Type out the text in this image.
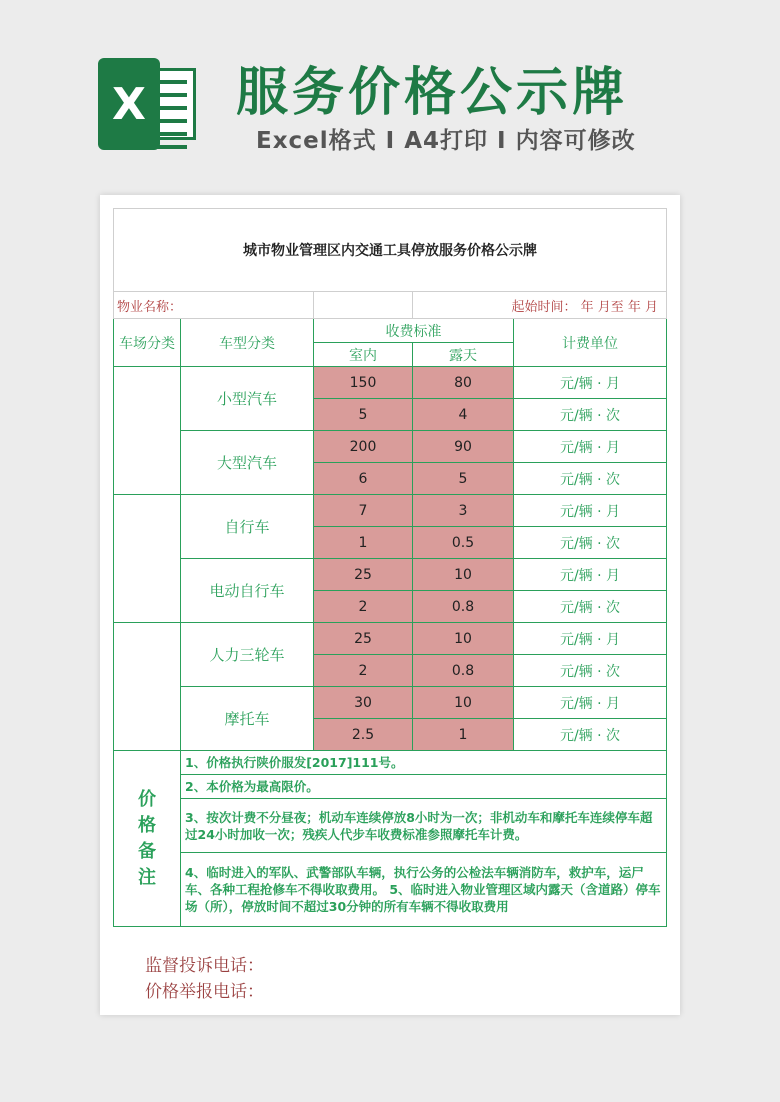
X 服务价格公示牌
Excel格式 I A4打印 I 内容可修改
城市物业管理区内交通工具停放服务价格公示牌				
物业名称：			起始时间： 年 月至 年 月	
车场分类	车型分类	收费标准		计费单位
		室内	露天	
	小型汽车	150	80	元/辆 · 月
		5	4	元/辆 · 次
	大型汽车	200	90	元/辆 · 月
		6	5	元/辆 · 次
	自行车	7	3	元/辆 · 月
		1	0.5	元/辆 · 次
	电动自行车	25	10	元/辆 · 月
		2	0.8	元/辆 · 次
	人力三轮车	25	10	元/辆 · 月
		2	0.8	元/辆 · 次
	摩托车	30	10	元/辆 · 月
		2.5	1	元/辆 · 次

价格备注	1、价格执行陕价服发[2017]111号。			
	2、本价格为最高限价。			
	3、按次计费不分昼夜；机动车连续停放8小时为一次；非机动车和摩托车连续停车超过24小时加收一次；残疾人代步车收费标准参照摩托车计费。			
	4、临时进入的军队、武警部队车辆，执行公务的公检法车辆消防车，救护车，运尸车、各种工程抢修车不得收取费用。 5、临时进入物业管理区域内露天（含道路）停车场（所），停放时间不超过30分钟的所有车辆不得收取费用			
监督投诉电话：
价格举报电话：
